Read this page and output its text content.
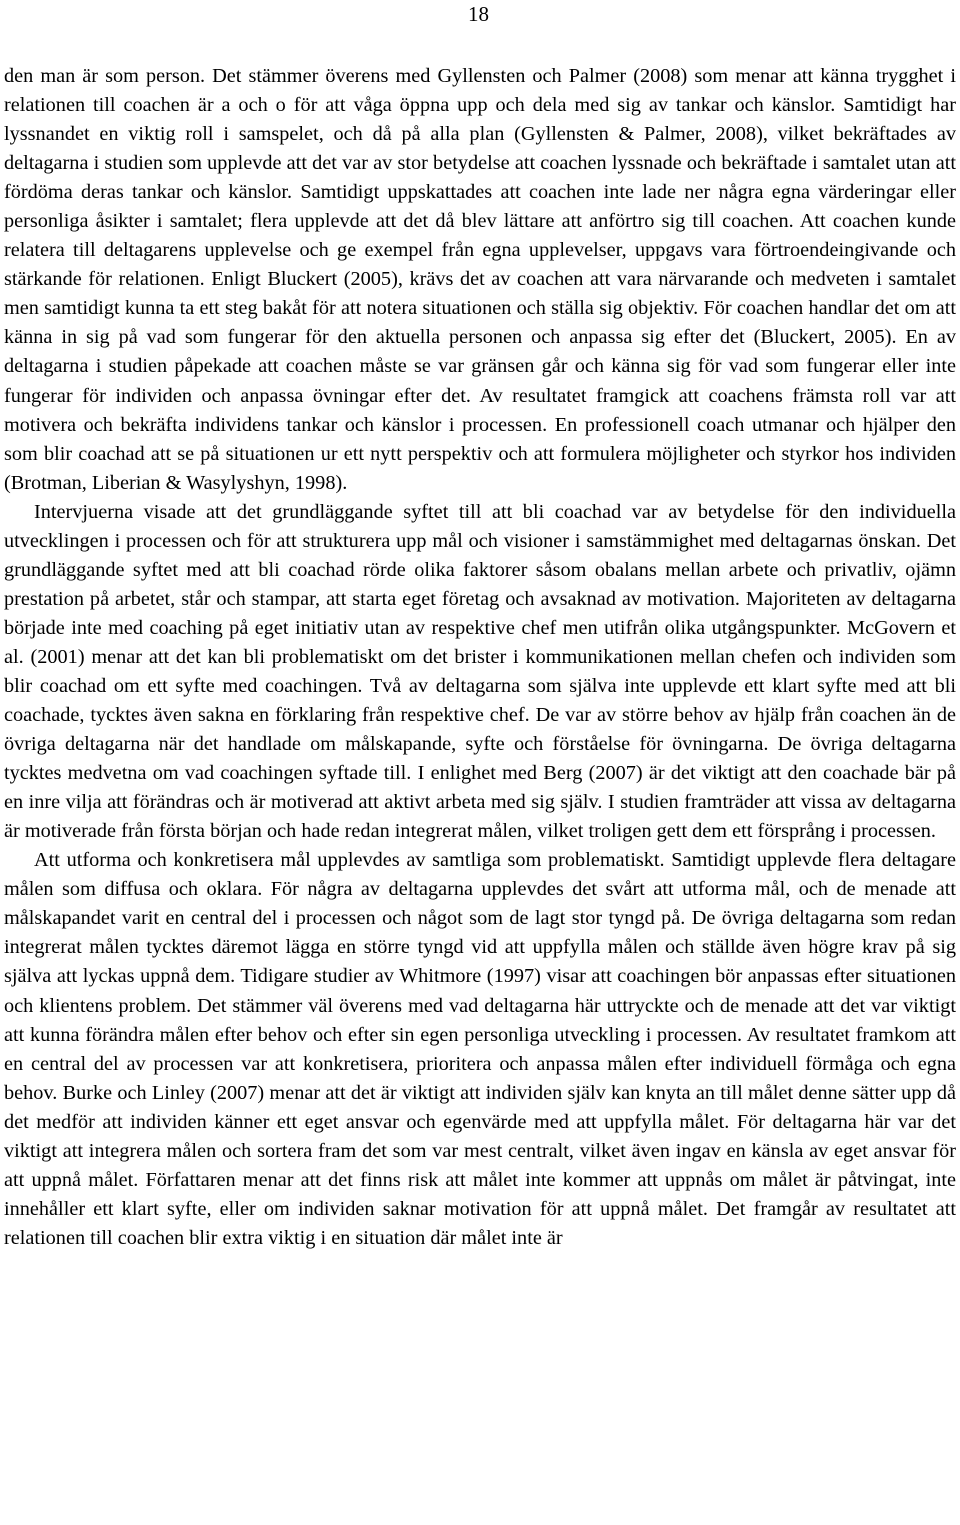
18

den man är som person. Det stämmer överens med Gyllensten och Palmer (2008) som menar att känna trygghet i relationen till coachen är a och o för att våga öppna upp och dela med sig av tankar och känslor. Samtidigt har lyssnandet en viktig roll i samspelet, och då på alla plan (Gyllensten & Palmer, 2008), vilket bekräftades av deltagarna i studien som upplevde att det var av stor betydelse att coachen lyssnade och bekräftade i samtalet utan att fördöma deras tankar och känslor. Samtidigt uppskattades att coachen inte lade ner några egna värderingar eller personliga åsikter i samtalet; flera upplevde att det då blev lättare att anförtro sig till coachen. Att coachen kunde relatera till deltagarens upplevelse och ge exempel från egna upplevelser, uppgavs vara förtroendeingivande och stärkande för relationen. Enligt Bluckert (2005), krävs det av coachen att vara närvarande och medveten i samtalet men samtidigt kunna ta ett steg bakåt för att notera situationen och ställa sig objektiv. För coachen handlar det om att känna in sig på vad som fungerar för den aktuella personen och anpassa sig efter det (Bluckert, 2005). En av deltagarna i studien påpekade att coachen måste se var gränsen går och känna sig för vad som fungerar eller inte fungerar för individen och anpassa övningar efter det. Av resultatet framgick att coachens främsta roll var att motivera och bekräfta individens tankar och känslor i processen. En professionell coach utmanar och hjälper den som blir coachad att se på situationen ur ett nytt perspektiv och att formulera möjligheter och styrkor hos individen (Brotman, Liberian & Wasylyshyn, 1998).

Intervjuerna visade att det grundläggande syftet till att bli coachad var av betydelse för den individuella utvecklingen i processen och för att strukturera upp mål och visioner i samstämmighet med deltagarnas önskan. Det grundläggande syftet med att bli coachad rörde olika faktorer såsom obalans mellan arbete och privatliv, ojämn prestation på arbetet, står och stampar, att starta eget företag och avsaknad av motivation. Majoriteten av deltagarna började inte med coaching på eget initiativ utan av respektive chef men utifrån olika utgångspunkter. McGovern et al. (2001) menar att det kan bli problematiskt om det brister i kommunikationen mellan chefen och individen som blir coachad om ett syfte med coachingen. Två av deltagarna som själva inte upplevde ett klart syfte med att bli coachade, tycktes även sakna en förklaring från respektive chef. De var av större behov av hjälp från coachen än de övriga deltagarna när det handlade om målskapande, syfte och förståelse för övningarna. De övriga deltagarna tycktes medvetna om vad coachingen syftade till. I enlighet med Berg (2007) är det viktigt att den coachade bär på en inre vilja att förändras och är motiverad att aktivt arbeta med sig själv. I studien framträder att vissa av deltagarna är motiverade från första början och hade redan integrerat målen, vilket troligen gett dem ett försprång i processen.

Att utforma och konkretisera mål upplevdes av samtliga som problematiskt. Samtidigt upplevde flera deltagare målen som diffusa och oklara. För några av deltagarna upplevdes det svårt att utforma mål, och de menade att målskapandet varit en central del i processen och något som de lagt stor tyngd på. De övriga deltagarna som redan integrerat målen tycktes däremot lägga en större tyngd vid att uppfylla målen och ställde även högre krav på sig själva att lyckas uppnå dem. Tidigare studier av Whitmore (1997) visar att coachingen bör anpassas efter situationen och klientens problem. Det stämmer väl överens med vad deltagarna här uttryckte och de menade att det var viktigt att kunna förändra målen efter behov och efter sin egen personliga utveckling i processen. Av resultatet framkom att en central del av processen var att konkretisera, prioritera och anpassa målen efter individuell förmåga och egna behov. Burke och Linley (2007) menar att det är viktigt att individen själv kan knyta an till målet denne sätter upp då det medför att individen känner ett eget ansvar och egenvärde med att uppfylla målet. För deltagarna här var det viktigt att integrera målen och sortera fram det som var mest centralt, vilket även ingav en känsla av eget ansvar för att uppnå målet. Författaren menar att det finns risk att målet inte kommer att uppnås om målet är påtvingat, inte innehåller ett klart syfte, eller om individen saknar motivation för att uppnå målet. Det framgår av resultatet att relationen till coachen blir extra viktig i en situation där målet inte är
